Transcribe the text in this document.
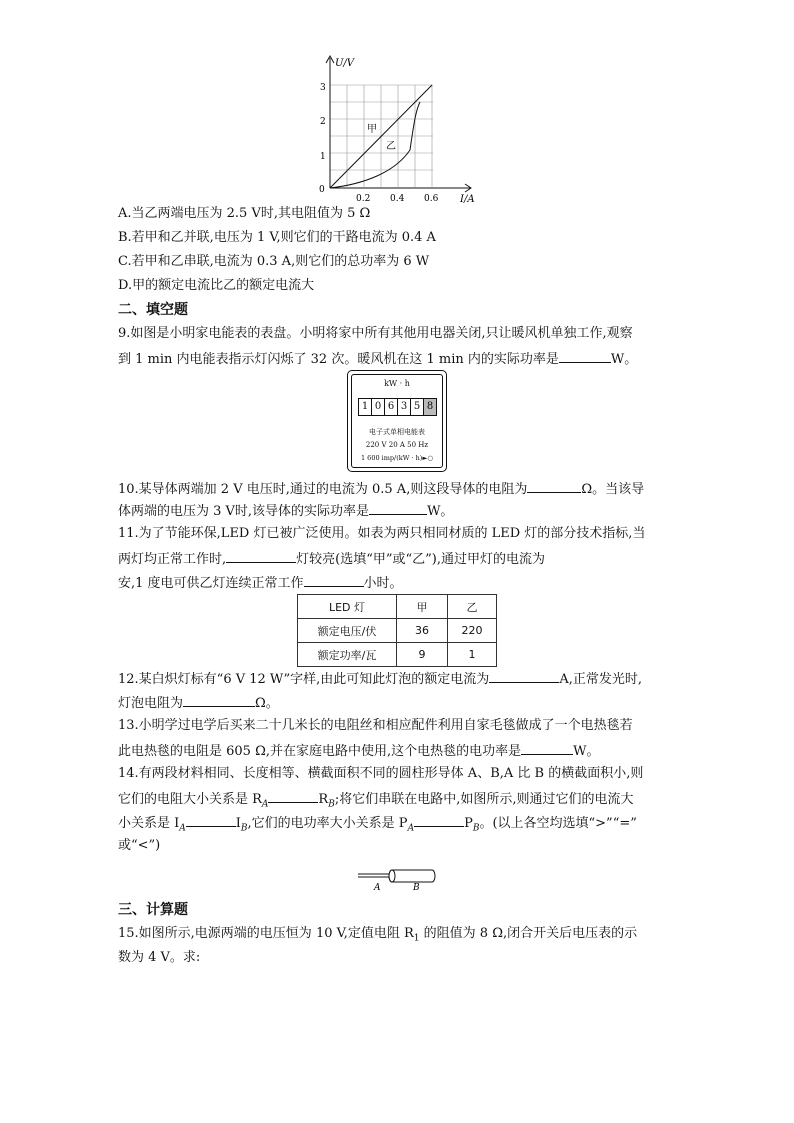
U/V
I/A
0
1
2
3
0.2 0.4 0.6
甲
乙
A.当乙两端电压为 2.5 V时,其电阻值为 5 Ω
B.若甲和乙并联,电压为 1 V,则它们的干路电流为 0.4 A
C.若甲和乙串联,电流为 0.3 A,则它们的总功率为 6 W
D.甲的额定电流比乙的额定电流大
二、填空题
9.如图是小明家电能表的表盘。小明将家中所有其他用电器关闭,只让暖风机单独工作,观察
到 1 min 内电能表指示灯闪烁了 32 次。暖风机在这 1 min 内的实际功率是	W。
kW · h
1 0 6 3 5 8
电子式单相电能表
220 V 20 A 50 Hz
1 600 imp/(kW · h)►○
10.某导体两端加 2 V 电压时,通过的电流为 0.5 A,则这段导体的电阻为	Ω。当该导
体两端的电压为 3 V时,该导体的实际功率是	W。
11.为了节能环保,LED 灯已被广泛使用。如表为两只相同材质的 LED 灯的部分技术指标,当
两灯均正常工作时,	灯较亮(选填“甲”或“乙”),通过甲灯的电流为
安,1 度电可供乙灯连续正常工作	小时。
LED 灯	甲	乙
额定电压/伏	36	220
额定功率/瓦	9	1
12.某白炽灯标有“6 V 12 W”字样,由此可知此灯泡的额定电流为	A,正常发光时,
灯泡电阻为	Ω。
13.小明学过电学后买来二十几米长的电阻丝和相应配件利用自家毛毯做成了一个电热毯若
此电热毯的电阻是 605 Ω,并在家庭电路中使用,这个电热毯的电功率是	W。
14.有两段材料相同、长度相等、横截面积不同的圆柱形导体 A、B,A 比 B 的横截面积小,则
它们的电阻大小关系是 $R_A$	$R_B$;将它们串联在电路中,如图所示,则通过它们的电流大
小关系是 $I_A$	$I_B$,它们的电功率大小关系是 $P_A$	$P_B$。(以上各空均选填“>”“=”
或“<”)
A	B
三、计算题
15.如图所示,电源两端的电压恒为 10 V,定值电阻 $R_1$ 的阻值为 8 Ω,闭合开关后电压表的示
数为 4 V。求:
